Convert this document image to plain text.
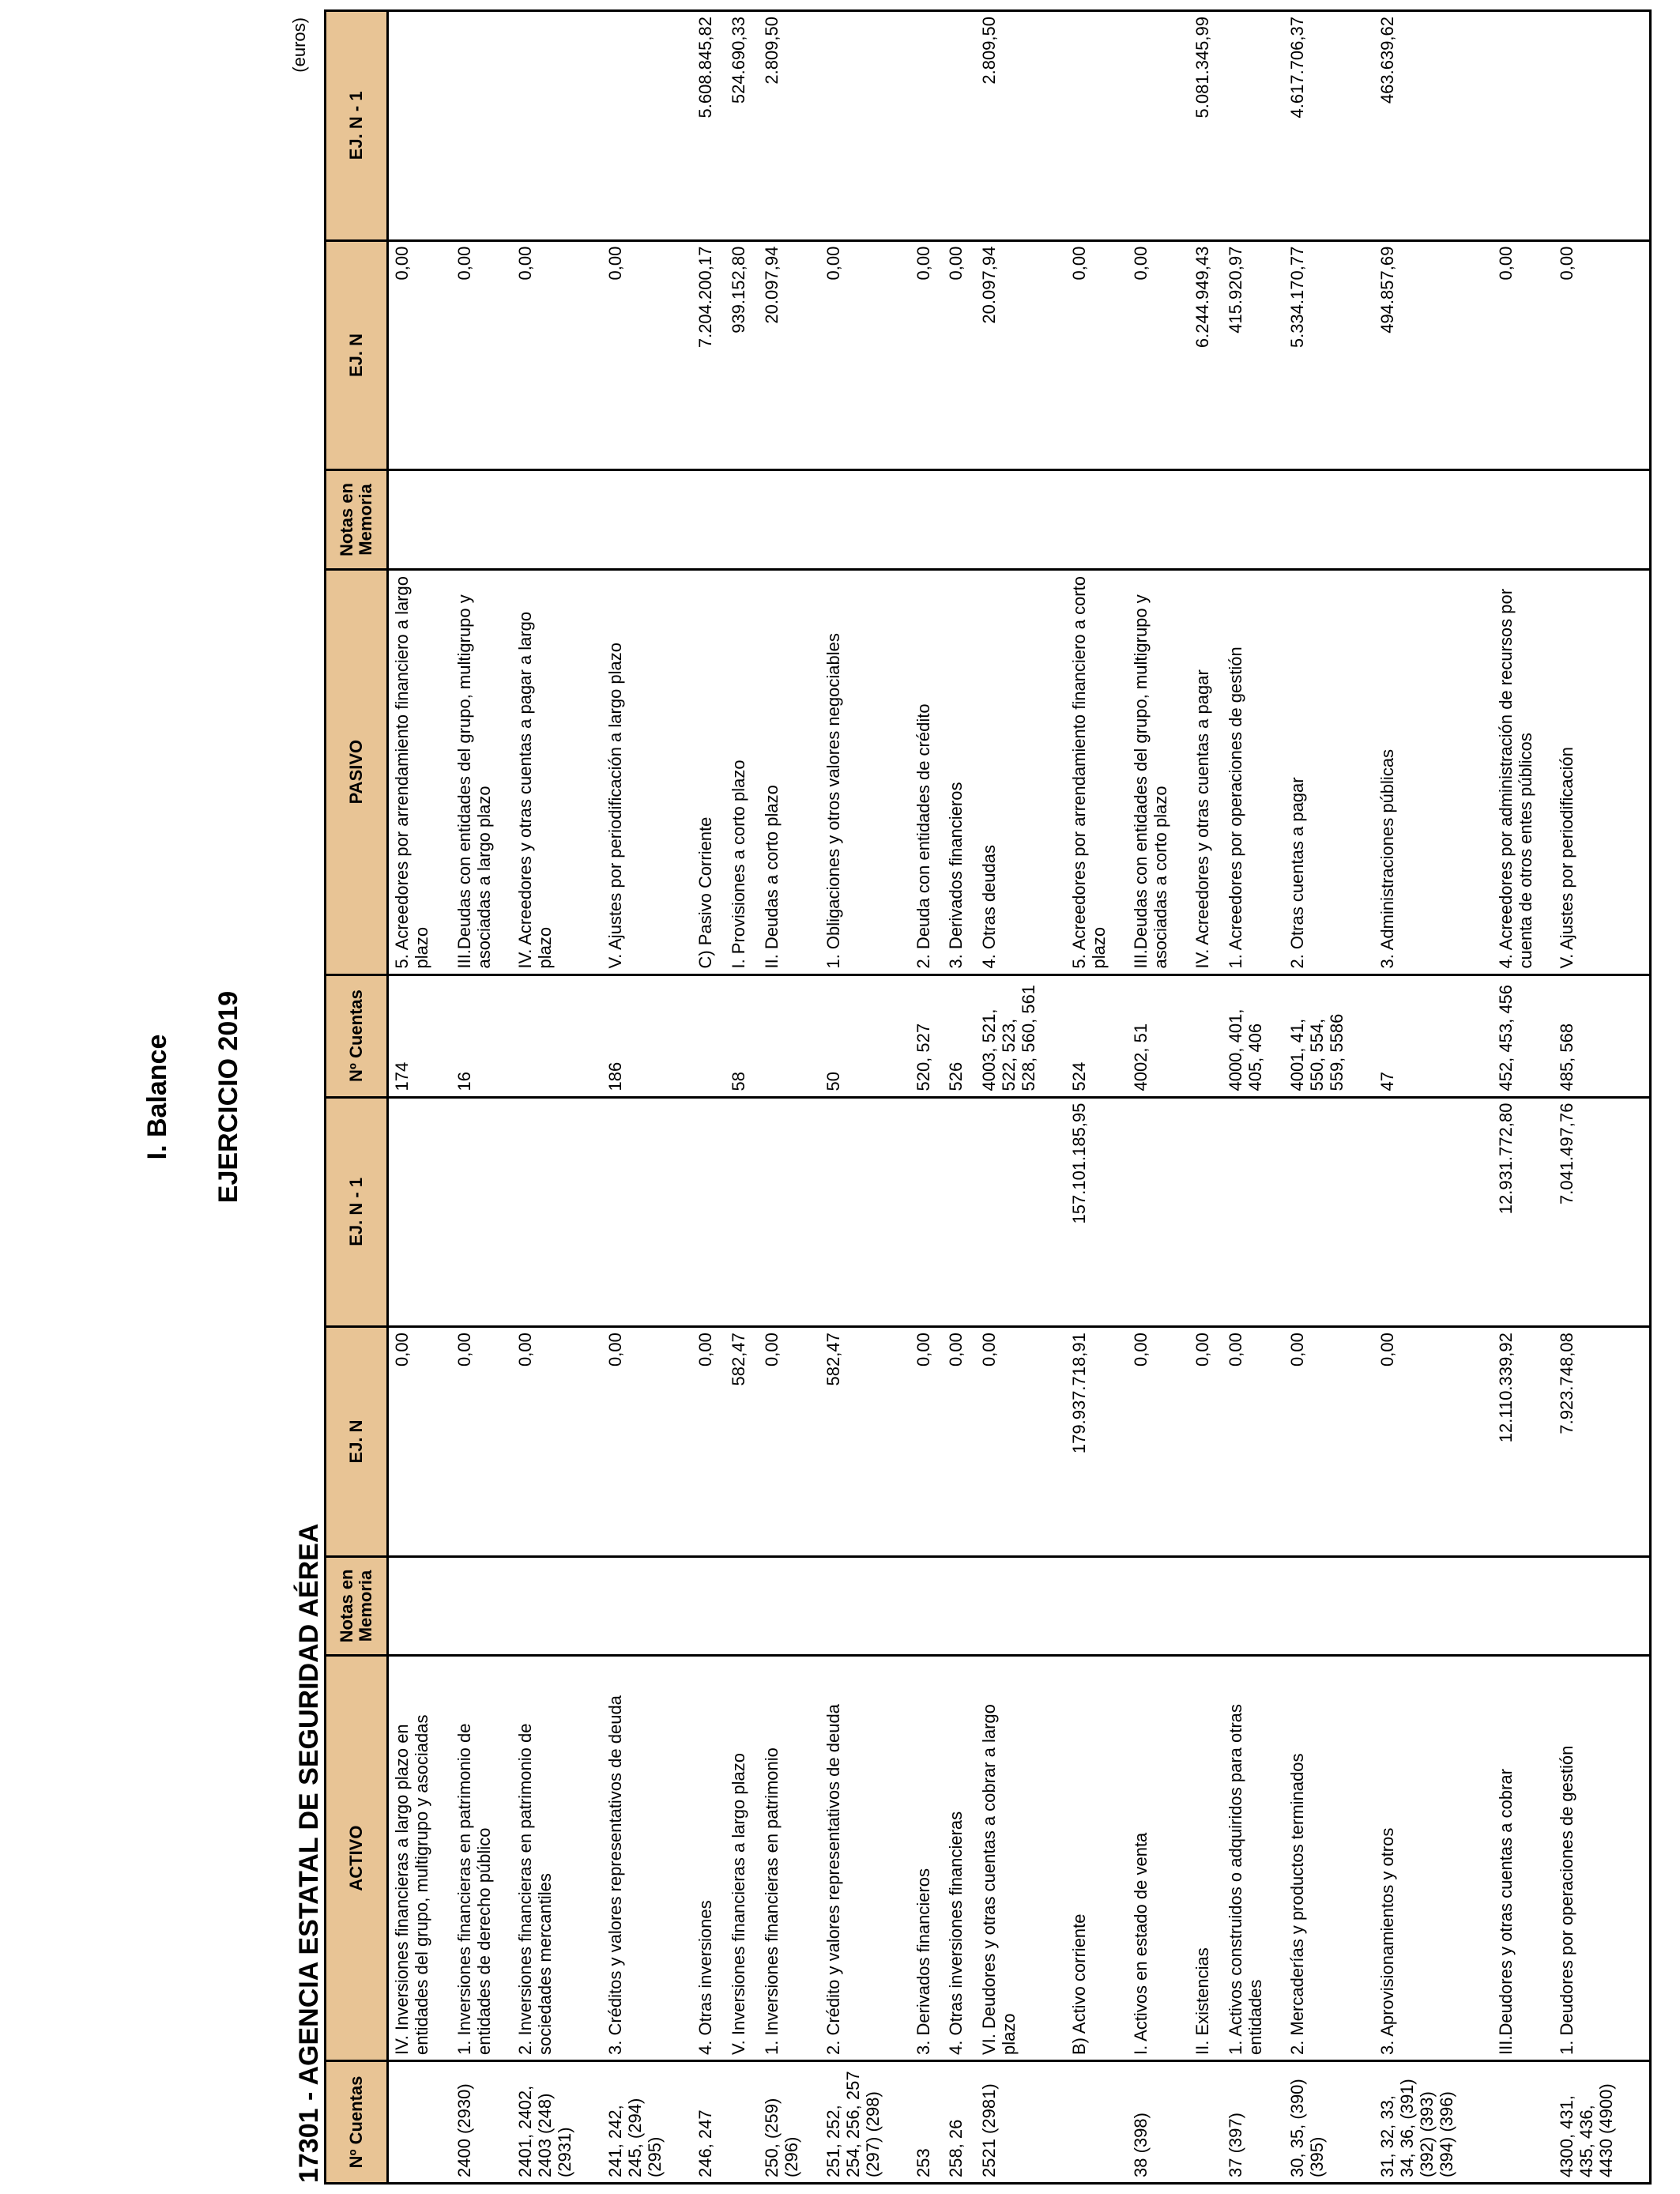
I. Balance EJERCICIO 2019
17301 - AGENCIA ESTATAL DE SEGURIDAD AÉREA
(euros)
Nº Cuentas	ACTIVO	Notas en Memoria	EJ. N	EJ. N - 1	Nº Cuentas	PASIVO	Notas en Memoria	EJ. N	EJ. N - 1
	IV. Inversiones financieras a largo plazo en entidades del grupo, multigrupo y asociadas		0,00		174	5. Acreedores por arrendamiento financiero a largo plazo		0,00	
2400 (2930)	1. Inversiones financieras en patrimonio de entidades de derecho público		0,00		16	III.Deudas con entidades del grupo, multigrupo y asociadas a largo plazo		0,00	
2401, 2402, 2403 (248) (2931)	2. Inversiones financieras en patrimonio de sociedades mercantiles		0,00			IV. Acreedores y otras cuentas a pagar a largo plazo		0,00	
241, 242, 245, (294) (295)	3. Créditos y valores representativos de deuda		0,00		186	V. Ajustes por periodificación a largo plazo		0,00	
246, 247	4. Otras inversiones		0,00			C) Pasivo Corriente		7.204.200,17	5.608.845,82
	V. Inversiones financieras a largo plazo		582,47		58	I. Provisiones a corto plazo		939.152,80	524.690,33
250, (259) (296)	1. Inversiones financieras en patrimonio		0,00			II. Deudas a corto plazo		20.097,94	2.809,50
251, 252, 254, 256, 257 (297) (298)	2. Crédito y valores representativos de deuda		582,47		50	1. Obligaciones y otros valores negociables		0,00	
253	3. Derivados financieros		0,00		520, 527	2. Deuda con entidades de crédito		0,00	
258, 26	4. Otras inversiones financieras		0,00		526	3. Derivados financieros		0,00	
2521 (2981)	VI. Deudores y otras cuentas a cobrar a largo plazo		0,00		4003, 521, 522, 523, 528, 560, 561	4. Otras deudas		20.097,94	2.809,50
	B) Activo corriente		179.937.718,91	157.101.185,95	524	5. Acreedores por arrendamiento financiero a corto plazo		0,00	
38 (398)	I. Activos en estado de venta		0,00		4002, 51	III.Deudas con entidades del grupo, multigrupo y asociadas a corto plazo		0,00	
	II. Existencias		0,00			IV. Acreedores y otras cuentas a pagar		6.244.949,43	5.081.345,99
37 (397)	1. Activos construidos o adquiridos para otras entidades		0,00		4000, 401, 405, 406	1. Acreedores por operaciones de gestión		415.920,97	
30, 35, (390) (395)	2. Mercaderías y productos terminados		0,00		4001, 41, 550, 554, 559, 5586	2. Otras cuentas a pagar		5.334.170,77	4.617.706,37
31, 32, 33, 34, 36, (391) (392) (393) (394) (396)	3. Aprovisionamientos y otros		0,00		47	3. Administraciones públicas		494.857,69	463.639,62
	III.Deudores y otras cuentas a cobrar		12.110.339,92	12.931.772,80	452, 453, 456	4. Acreedores por administración de recursos por cuenta de otros entes públicos		0,00	
4300, 431, 435, 436, 4430 (4900)	1. Deudores por operaciones de gestión		7.923.748,08	7.041.497,76	485, 568	V. Ajustes por periodificación		0,00	
